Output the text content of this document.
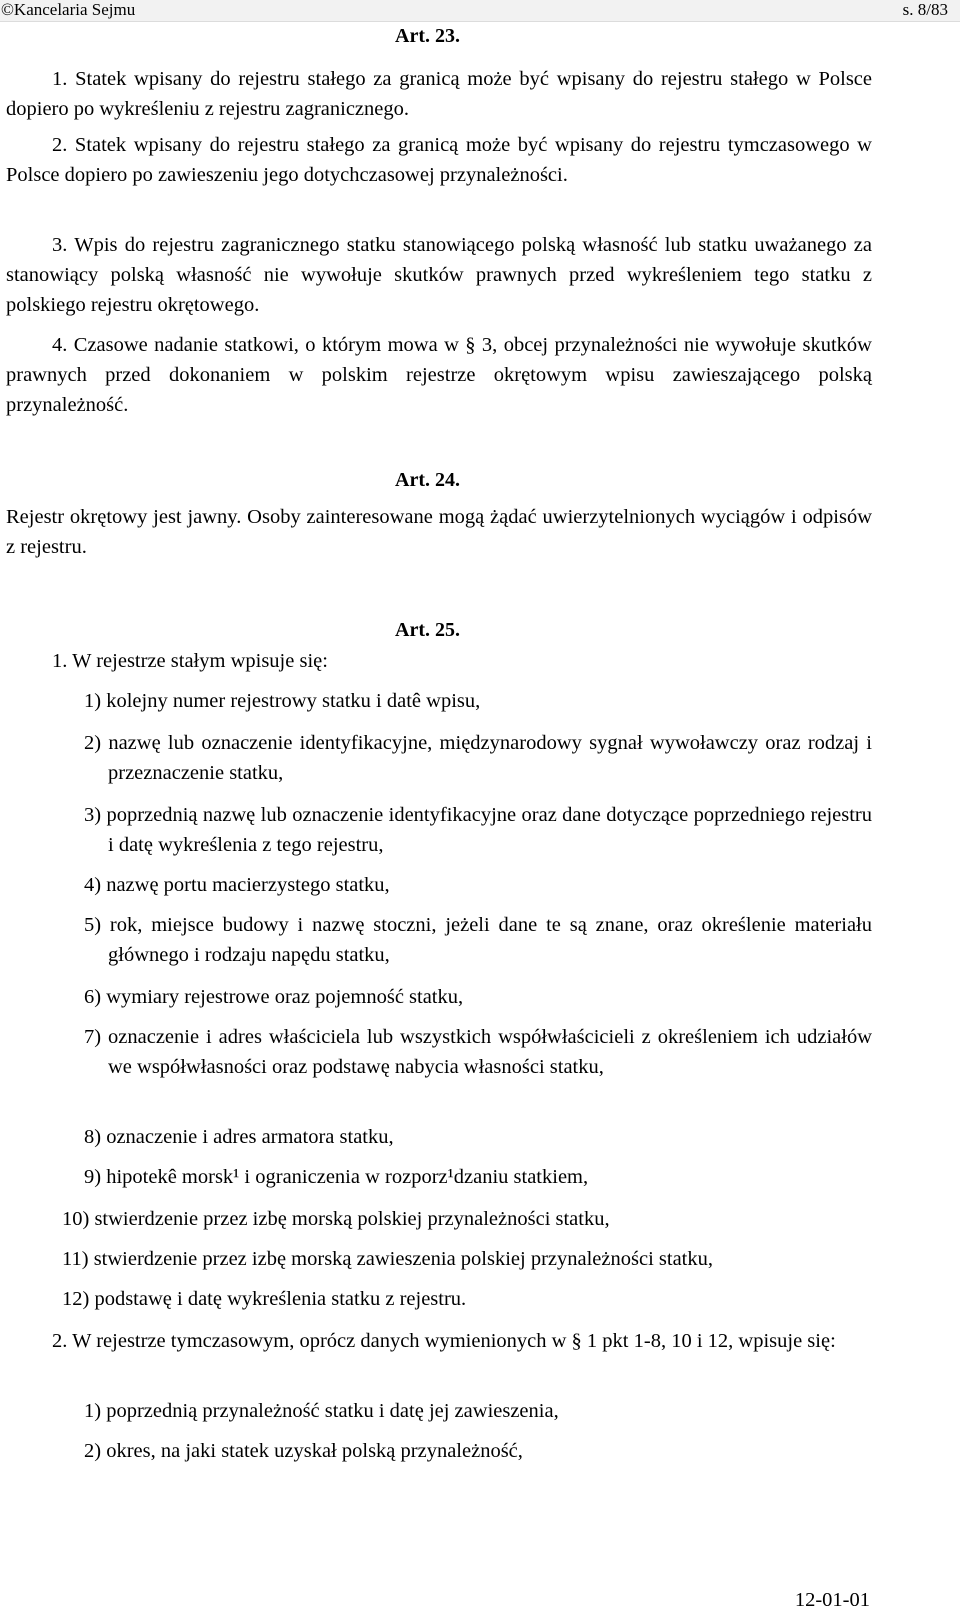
©Kancelaria Sejmu	s. 8/83
Art. 23.
1. Statek wpisany do rejestru stałego za granicą może być wpisany do rejestru stałego w Polsce dopiero po wykreśleniu z rejestru zagranicznego.
2. Statek wpisany do rejestru stałego za granicą może być wpisany do rejestru tymczasowego w Polsce dopiero po zawieszeniu jego dotychczasowej przynależności.
3. Wpis do rejestru zagranicznego statku stanowiącego polską własność lub statku uważanego za stanowiący polską własność nie wywołuje skutków prawnych przed wykreśleniem tego statku z polskiego rejestru okrętowego.
4. Czasowe nadanie statkowi, o którym mowa w § 3, obcej przynależności nie wywołuje skutków prawnych przed dokonaniem w polskim rejestrze okrętowym wpisu zawieszającego polską przynależność.
Art. 24.
Rejestr okrętowy jest jawny. Osoby zainteresowane mogą żądać uwierzytelnionych wyciągów i odpisów z rejestru.
Art. 25.
1. W rejestrze stałym wpisuje się:
1) kolejny numer rejestrowy statku i datê wpisu,
2) nazwę lub oznaczenie identyfikacyjne, międzynarodowy sygnał wywoławczy oraz rodzaj i przeznaczenie statku,
3) poprzednią nazwę lub oznaczenie identyfikacyjne oraz dane dotyczące poprzedniego rejestru i datę wykreślenia z tego rejestru,
4) nazwę portu macierzystego statku,
5) rok, miejsce budowy i nazwę stoczni, jeżeli dane te są znane, oraz określenie materiału głównego i rodzaju napędu statku,
6) wymiary rejestrowe oraz pojemność statku,
7) oznaczenie i adres właściciela lub wszystkich współwłaścicieli z określeniem ich udziałów we współwłasności oraz podstawę nabycia własności statku,
8) oznaczenie i adres armatora statku,
9) hipotekê morsk¹ i ograniczenia w rozporz¹dzaniu statkiem,
10) stwierdzenie przez izbę morską polskiej przynależności statku,
11) stwierdzenie przez izbę morską zawieszenia polskiej przynależności statku,
12) podstawę i datę wykreślenia statku z rejestru.
2. W rejestrze tymczasowym, oprócz danych wymienionych w § 1 pkt 1-8, 10 i 12, wpisuje się:
1) poprzednią przynależność statku i datę jej zawieszenia,
2) okres, na jaki statek uzyskał polską przynależność,
12-01-01
